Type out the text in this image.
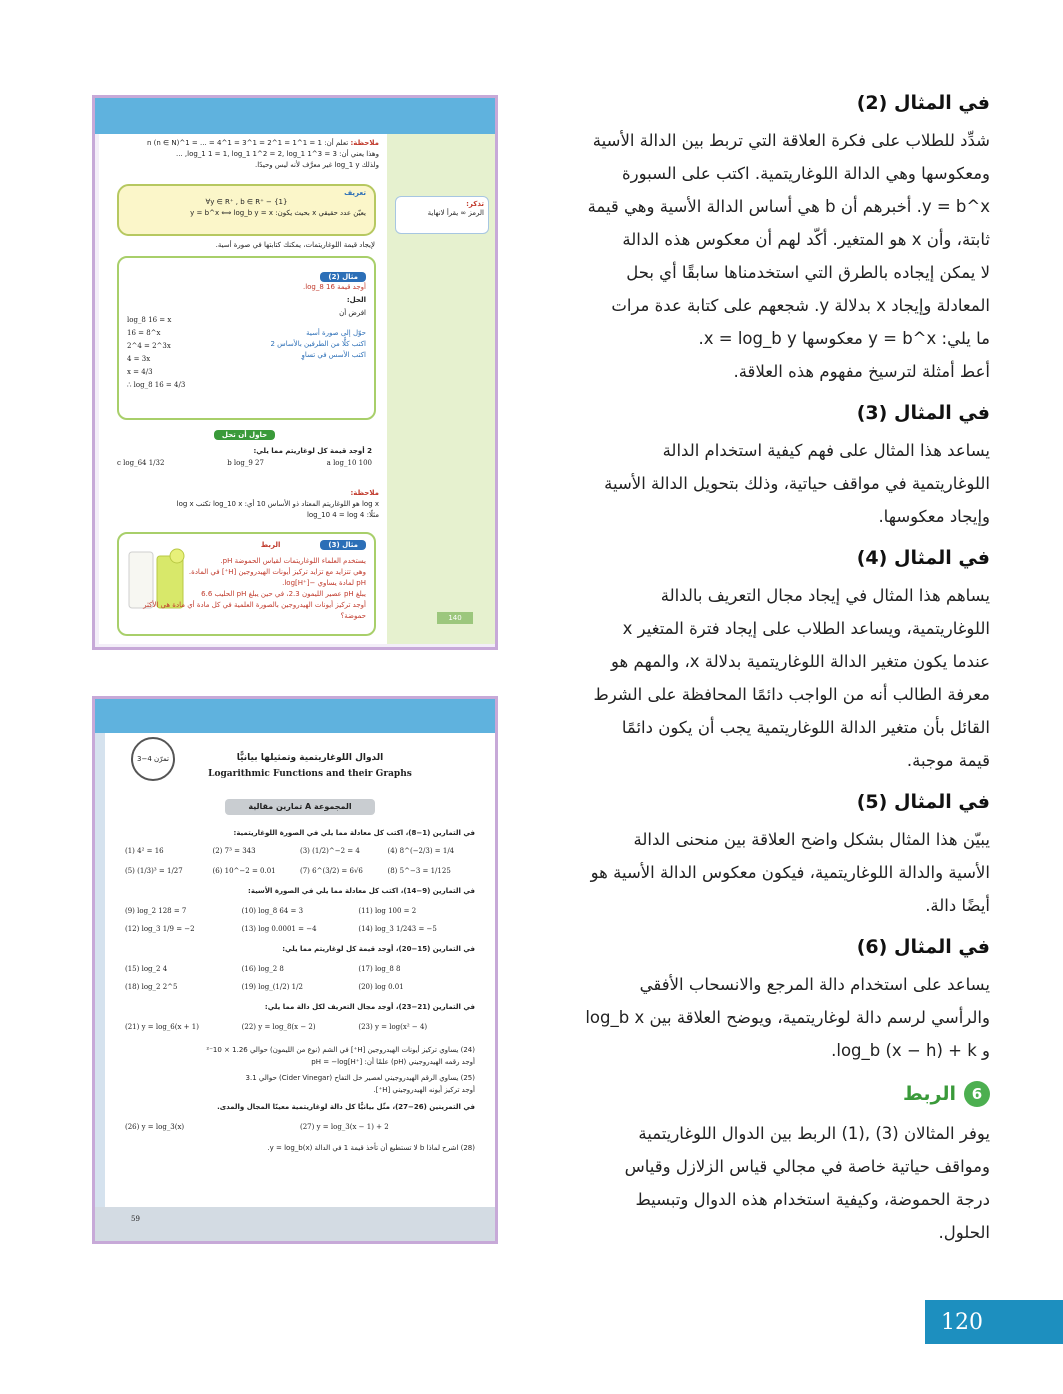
في المثال (2)
شدِّد للطلاب على فكرة العلاقة التي تربط بين الدالة الأسية
ومعكوسها وهي الدالة اللوغاريتمية. اكتب على السبورة
y = b^x. أخبرهم أن b هي أساس الدالة الأسية وهي قيمة
ثابتة، وأن x هو المتغير. أكّد لهم أن معكوس هذه الدالة
لا يمكن إيجاده بالطرق التي استخدمناها سابقًا أي بحل
المعادلة وإيجاد x بدلالة y. شجعهم على كتابة عدة مرات
ما يلي: y = b^x معكوسها x = log_b y.
أعط أمثلة لترسيخ مفهوم هذه العلاقة.
في المثال (3)
يساعد هذا المثال على فهم كيفية استخدام الدالة
اللوغاريتمية في مواقف حياتية، وذلك بتحويل الدالة الأسية
وإيجاد معكوسها.
في المثال (4)
يساهم هذا المثال في إيجاد مجال التعريف بالدالة
اللوغاريتمية، ويساعد الطلاب على إيجاد فترة المتغير x
عندما يكون متغير الدالة اللوغاريتمية بدلالة x، والمهم هو
معرفة الطالب أنه من الواجب دائمًا المحافظة على الشرط
القائل بأن متغير الدالة اللوغاريتمية يجب أن يكون دائمًا
قيمة موجبة.
في المثال (5)
يبيّن هذا المثال بشكل واضح العلاقة بين منحنى الدالة
الأسية والدالة اللوغاريتمية، فيكون معكوس الدالة الأسية هو
أيضًا دالة.
في المثال (6)
يساعد على استخدام دالة المرجع والانسحاب الأفقي
والرأسي لرسم دالة لوغاريتمية، ويوضح العلاقة بين log_b x
و log_b (x − h) + k.
6
الربط
يوفر المثالان (3) ,(1) الربط بين الدوال اللوغاريتمية
ومواقف حياتية خاصة في مجالي قياس الزلازل وقياس
درجة الحموضة، وكيفية استخدام هذه الدوال وتبسيط
الحلول.
120
تذكر:
الرمز ∞ يقرأ لانهاية
140
ملاحظة: تعلم أن: 1 = 1^1 = 1^2 = 1^3 = 1^4 = ... = 1^n (n ∈ N)
وهذا يعني أن: log_1 1 = 1, log_1 1^2 = 2, log_1 1^3 = 3, ...
ولذلك log_1 y غير معرَّف لأنه ليس وحيدًا.
تعريف
∀y ∈ R⁺ , b ∈ R⁺ − {1}
يعيّن عدد حقيقي x بحيث يكون: y = b^x ⟺ log_b y = x
لإيجاد قيمة اللوغاريتمات، يمكنك كتابتها في صورة أسية.
مثال (2)
أوجد قيمة log_8 16.
الحل:
افرض أن
log_8 16 = x
16 = 8^x
2^4 = 2^3x
4 = 3x
x = 4/3
∴ log_8 16 = 4/3
حوّل إلى صورة أسية
اكتب كلًّا من الطرفين بالأساس 2
اكتب الأسس في تساوٍ
حاول أن تحل
2 أوجد قيمة كل لوغاريتم مما يلي:
a log_10 100
b log_9 27
c log_64 1/32
ملاحظة:
log x هو اللوغاريتم المعتاد ذو الأساس 10 أي: log_10 x تكتب log x
مثلًا: log_10 4 = log 4
مثال (3)
الربط
يستخدم العلماء اللوغاريتمات لقياس الحموضة pH.
وهي تتزايد مع تزايد تركيز أيونات الهيدروجين [H⁺] في المادة.
pH لمادة يساوي −log[H⁺].
يبلغ pH عصير الليمون 2.3، في حين يبلغ pH الحليب 6.6
أوجد تركيز أيونات الهيدروجين بالصورة العلمية في كل مادة أي مادة هي الأكثر حموضة؟
تمرّن 4−3	الدوال اللوغاريتمية وتمثيلها بيانيًّا
Logarithmic Functions and their Graphs
المجموعة A تمارين مقالية
في التمارين (1−8)، اكتب كل معادلة مما يلي في الصورة اللوغاريتمية:
(1) 4² = 16	(2) 7³ = 343	(3) (1/2)^−2 = 4	(4) 8^(−2/3) = 1/4
(5) (1/3)³ = 1/27	(6) 10^−2 = 0.01	(7) 6^(3/2) = 6√6	(8) 5^−3 = 1/125
في التمارين (9−14)، اكتب كل معادلة مما يلي في الصورة الأسية:
(9) log_2 128 = 7	(10) log_8 64 = 3	(11) log 100 = 2
(12) log_3 1/9 = −2	(13) log 0.0001 = −4	(14) log_3 1/243 = −5
في التمارين (15−20)، أوجد قيمة كل لوغاريتم مما يلي:
(15) log_2 4	(16) log_2 8	(17) log_8 8
(18) log_2 2^5	(19) log_(1/2) 1/2	(20) log 0.01
في التمارين (21−23)، أوجد مجال التعريف لكل دالة مما يلي:
(21) y = log_6(x + 1)	(22) y = log_8(x − 2)	(23) y = log(x² − 4)
(24) يساوي تركيز أيونات الهيدروجين [H⁺] في الشم (نوع من الليمون) حوالي 1.26 × 10⁻²
أوجد رقمه الهيدروجيني (pH) علمًا أن: pH = −log[H⁺]
(25) يساوي الرقم الهيدروجيني لعصير خل التفاح (Cider Vinegar) حوالي 3.1
أوجد تركيز أيونه الهيدروجيني [H⁺].
في التمرينين (26−27)، مثّل بيانيًّا كل دالة لوغاريتمية معينًا المجال والمدى.
(26) y = log_3(x)	(27) y = log_3(x − 1) + 2
(28) اشرح لماذا b لا تستطيع أن تأخذ قيمة 1 في الدالة y = log_b(x).
59
